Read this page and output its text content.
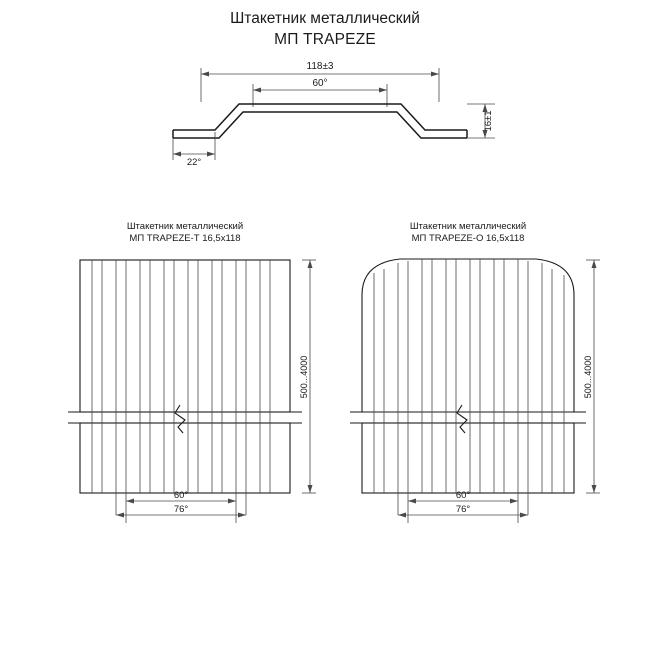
Штакетник металлический
МП TRAPEZE
118±3
60°
22°
16±1
Штакетник металлический
МП TRAPEZE-Т 16,5х118
500...4000
60°
76°
Штакетник металлический
МП TRAPEZE-О 16,5х118
500...4000
60°
76°
